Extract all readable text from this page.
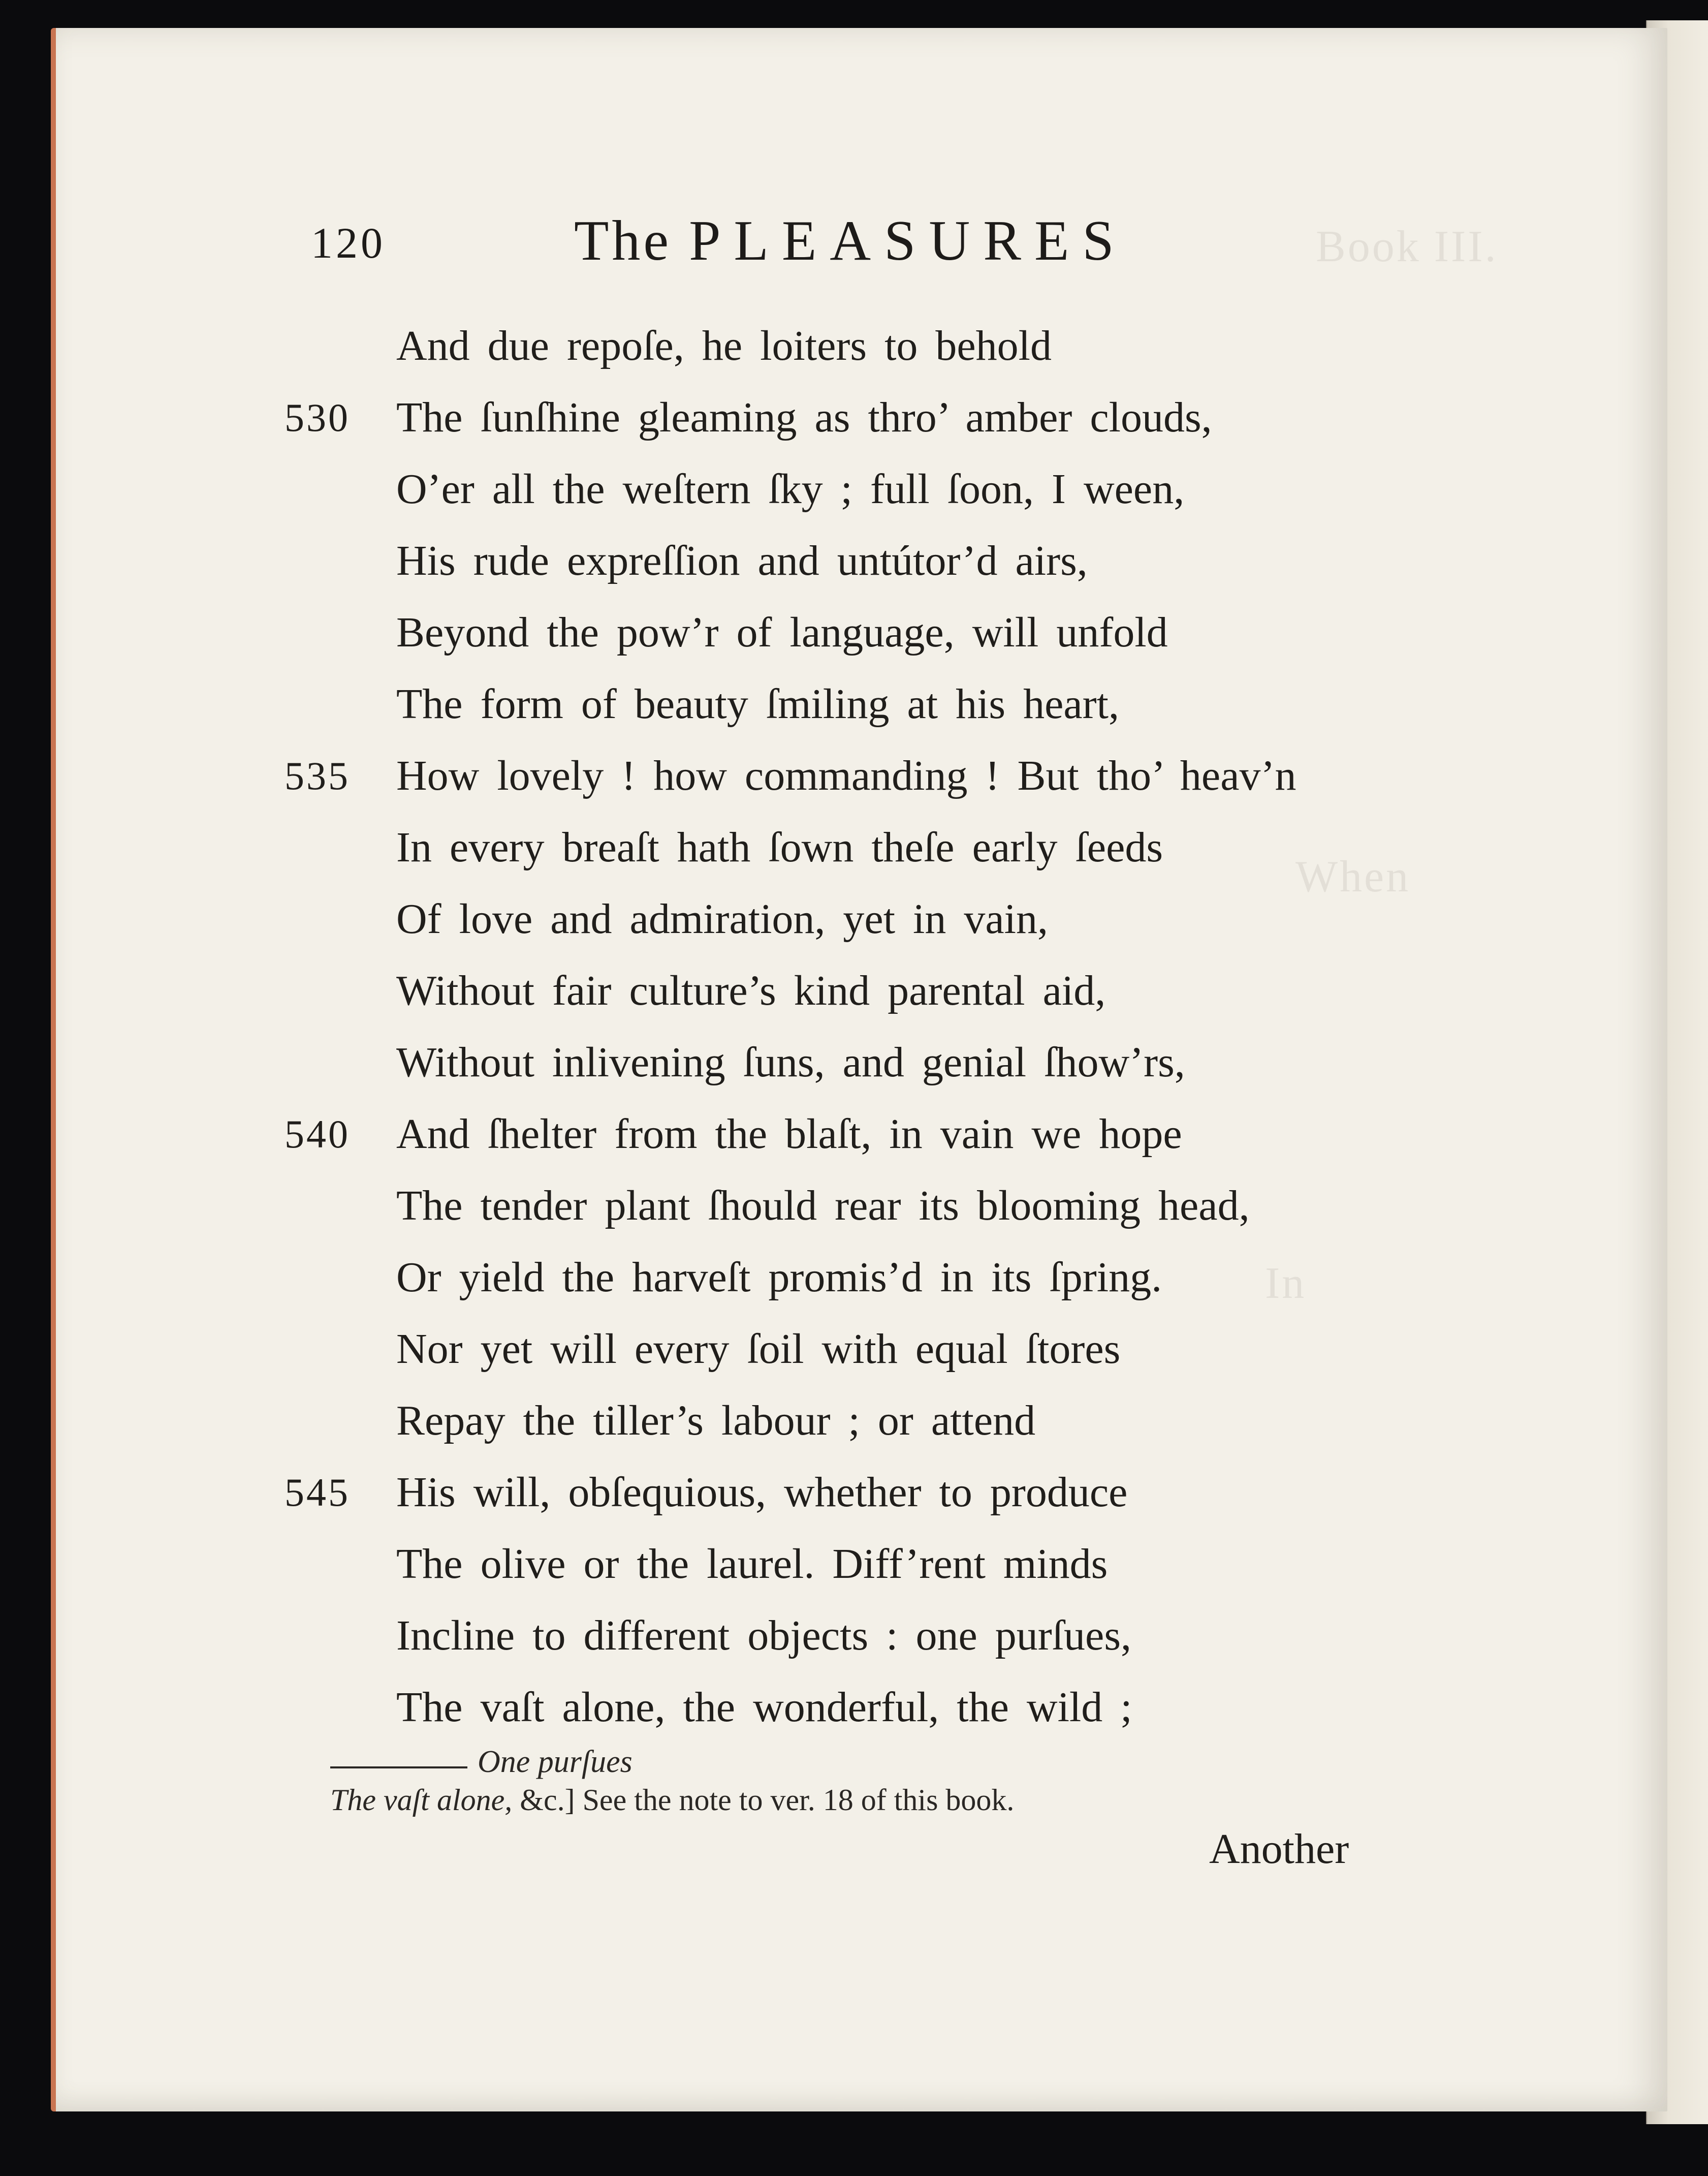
Book III.
When
In
120	The PLEASURES
And due repoſe, he loiters to behold
530 The ſunſhine gleaming as thro’ amber clouds,
O’er all the weſtern ſky ; full ſoon, I ween,
His rude expreſſion and untútor’d airs,
Beyond the pow’r of language, will unfold
The form of beauty ſmiling at his heart,
535 How lovely ! how commanding ! But tho’ heav’n
In every breaſt hath ſown theſe early ſeeds
Of love and admiration, yet in vain,
Without fair culture’s kind parental aid,
Without inlivening ſuns, and genial ſhow’rs,
540 And ſhelter from the blaſt, in vain we hope
The tender plant ſhould rear its blooming head,
Or yield the harveſt promis’d in its ſpring.
Nor yet will every ſoil with equal ſtores
Repay the tiller’s labour ; or attend
545 His will, obſequious, whether to produce
The olive or the laurel. Diff’rent minds
Incline to different objects : one purſues,
The vaſt alone, the wonderful, the wild ;
One purſues
The vaſt alone, &c.] See the note to ver. 18 of this book.
Another
